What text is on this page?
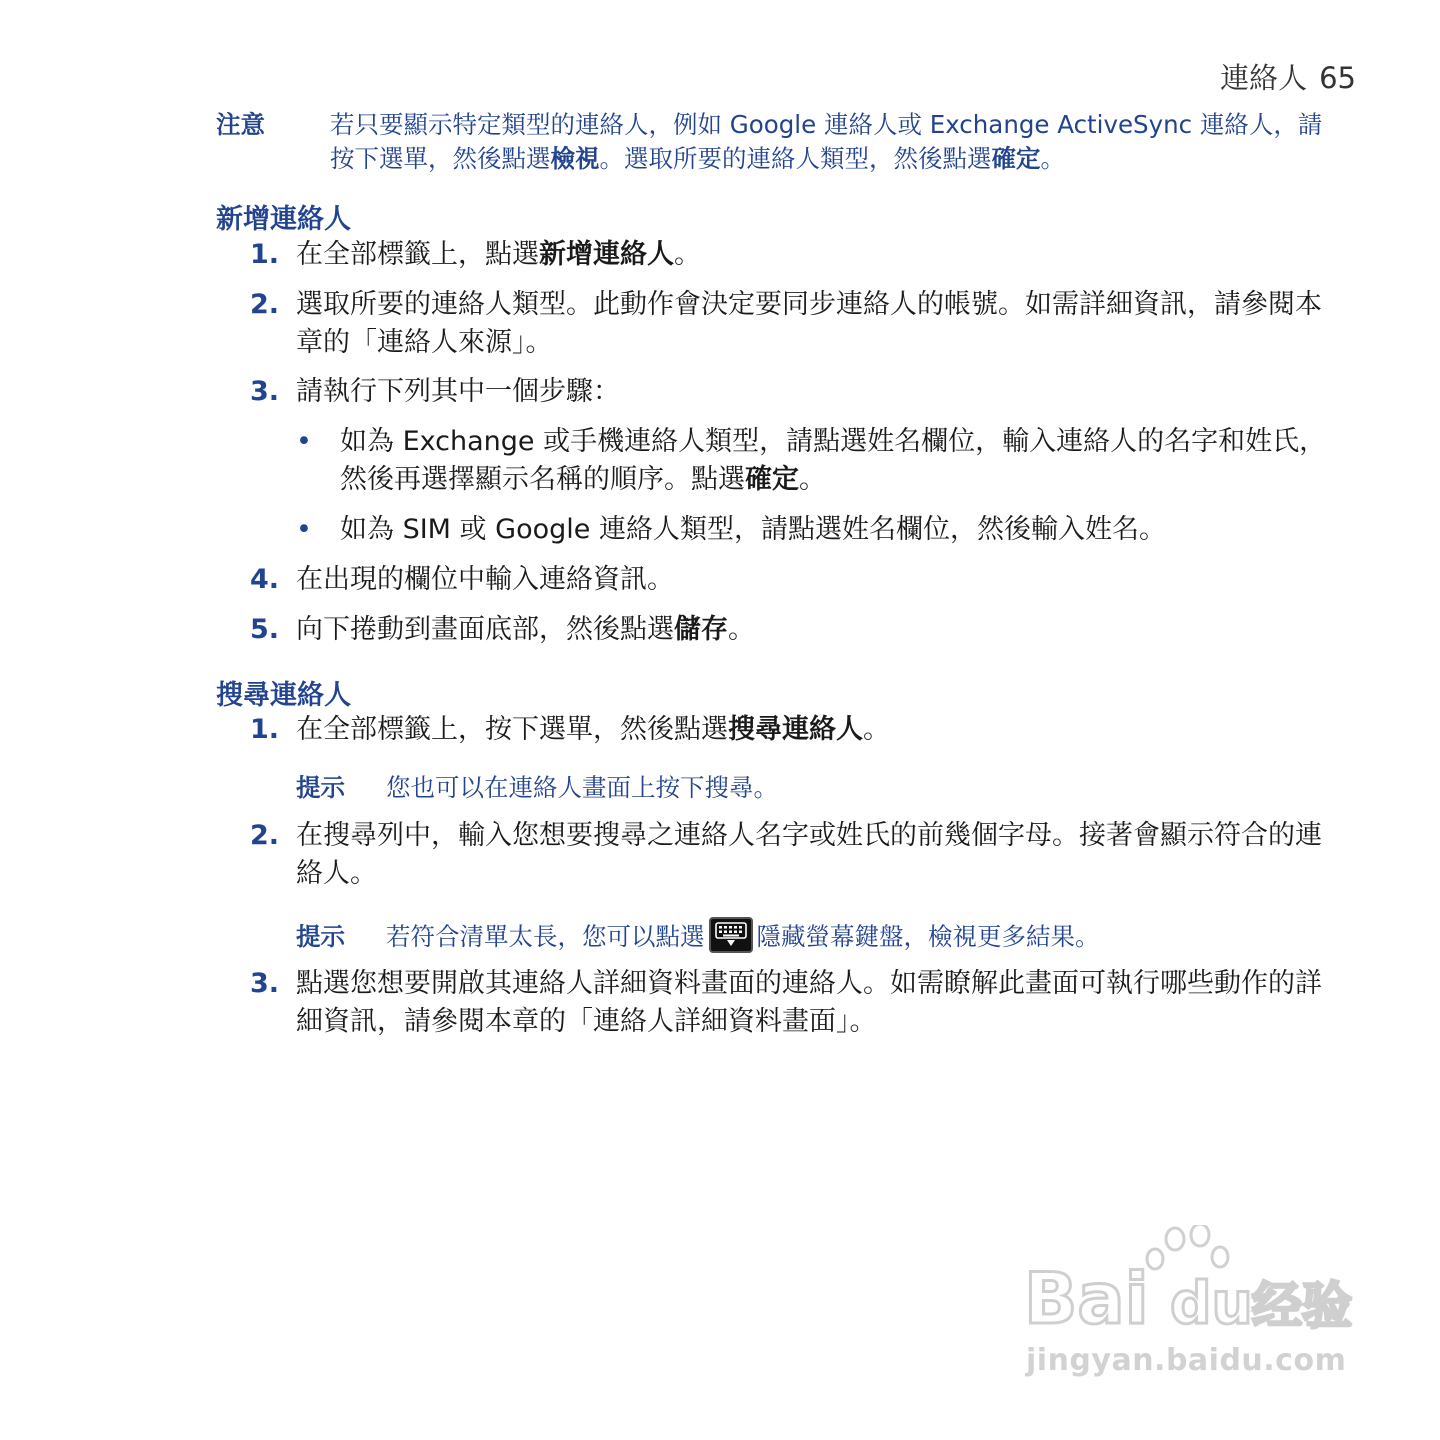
連絡人 65
注意	若只要顯示特定類型的連絡人，例如 Google 連絡人或 Exchange ActiveSync 連絡人，請按下選單，然後點選檢視。選取所要的連絡人類型，然後點選確定。
新增連絡人
1. 在全部標籤上，點選新增連絡人。
2. 選取所要的連絡人類型。此動作會決定要同步連絡人的帳號。如需詳細資訊，請參閱本章的「連絡人來源」。
3. 請執行下列其中一個步驟：
• 如為 Exchange 或手機連絡人類型，請點選姓名欄位，輸入連絡人的名字和姓氏，然後再選擇顯示名稱的順序。點選確定。
• 如為 SIM 或 Google 連絡人類型，請點選姓名欄位，然後輸入姓名。
4. 在出現的欄位中輸入連絡資訊。
5. 向下捲動到畫面底部，然後點選儲存。
搜尋連絡人
1. 在全部標籤上，按下選單，然後點選搜尋連絡人。
提示 您也可以在連絡人畫面上按下搜尋。
2. 在搜尋列中，輸入您想要搜尋之連絡人名字或姓氏的前幾個字母。接著會顯示符合的連絡人。
提示 若符合清單太長，您可以點選 隱藏螢幕鍵盤，檢視更多結果。
3. 點選您想要開啟其連絡人詳細資料畫面的連絡人。如需瞭解此畫面可執行哪些動作的詳細資訊，請參閱本章的「連絡人詳細資料畫面」。
Bai du 经验
jingyan.baidu.com
